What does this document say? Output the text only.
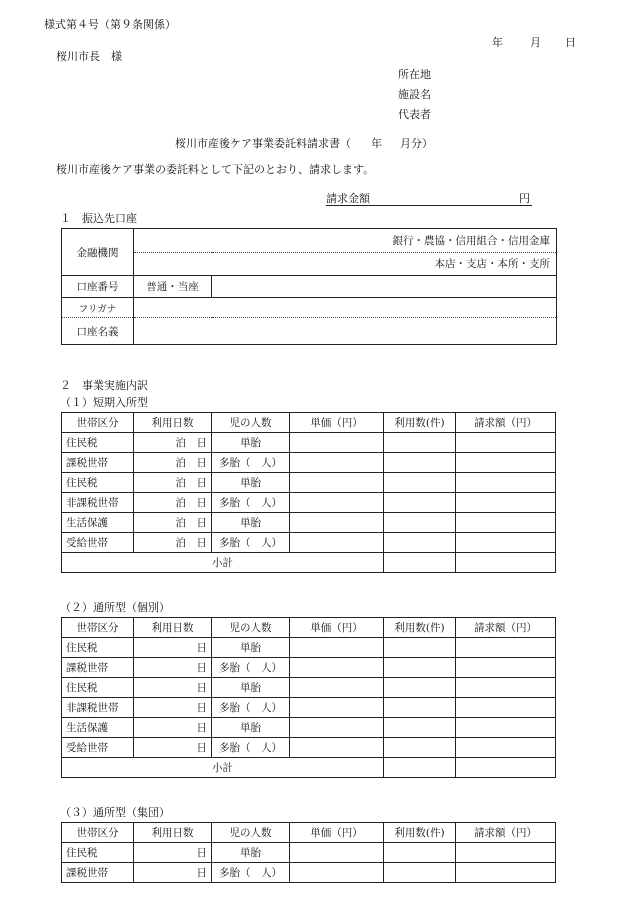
様式第４号（第９条関係）
年 月 日
桜川市長　様
所在地
施設名
代表者
桜川市産後ケア事業委託料請求書（ 年 月分）
桜川市産後ケア事業の委託料として下記のとおり、請求します。
請求金額	円
１　振込先口座
金融機関	銀行・農協・信用組合・信用金庫	
	本店・支店・本所・支所	
口座番号	普通・当座	
フリガナ		
口座名義		
２　事業実施内訳
（１）短期入所型
世帯区分	利用日数	児の人数	単価（円）	利用数(件)	請求額（円）
住民税	泊　日	単胎			
課税世帯	泊　日	多胎（　人）			
住民税	泊　日	単胎			
非課税世帯	泊　日	多胎（　人）			
生活保護	泊　日	単胎			
受給世帯	泊　日	多胎（　人）			
小計					
（２）通所型（個別）
世帯区分	利用日数	児の人数	単価（円）	利用数(件)	請求額（円）
住民税	日	単胎			
課税世帯	日	多胎（　人）			
住民税	日	単胎			
非課税世帯	日	多胎（　人）			
生活保護	日	単胎			
受給世帯	日	多胎（　人）			
小計					
（３）通所型（集団）
世帯区分	利用日数	児の人数	単価（円）	利用数(件)	請求額（円）
住民税	日	単胎			
課税世帯	日	多胎（　人）			
